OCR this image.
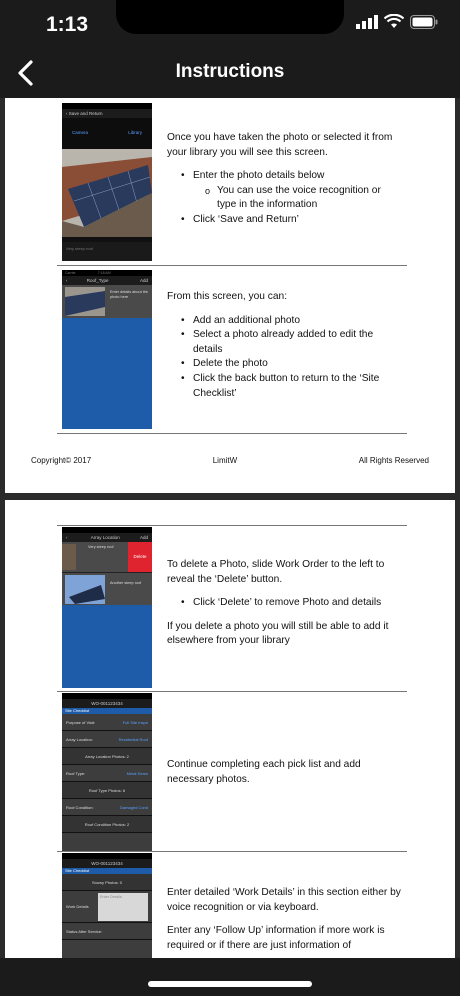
1:13
Instructions
‹ Save and Return
Camera	Library
Very steep roof

Once you have taken the photo or selected it from your library you will see this screen.

• Enter the photo details below
o You can use the voice recognition or type in the information
• Click ‘Save and Return’
Carrier	7:18 AM
‹	Roof_Type	Add
Enter details about the photo here	From this screen, you can:

• Add an additional photo
• Select a photo already added to edit the details
• Delete the photo
• Click the back button to return to the ‘Site Checklist’
Copyright© 2017	LimitW	All Rights Reserved
‹	Array Location	Add
Very steep roof
Delete
Another steep roof

To delete a Photo, slide Work Order to the left to reveal the ‘Delete’ button.

• Click ‘Delete’ to remove Photo and details

If you delete a photo you will still be able to add it elsewhere from your library

WO-001123434
Site Checklist
Purpose of Visit:	Full Site Inspe
Array Location:	Residential Roof
Array Location Photos: 2
Roof Type:	Metal Seam
Roof Type Photos: 6
Roof Condition:	Damaged Cond
Roof Condition Photos: 2

Continue completing each pick list and add necessary photos.

WO-001123434
Site Checklist
Snowy Photos: 0
Work Details
Enter Details
Status After Service:

Enter detailed ‘Work Details’ in this section either by voice recognition or via keyboard.

Enter any ‘Follow Up’ information if more work is required or if there are just information of
